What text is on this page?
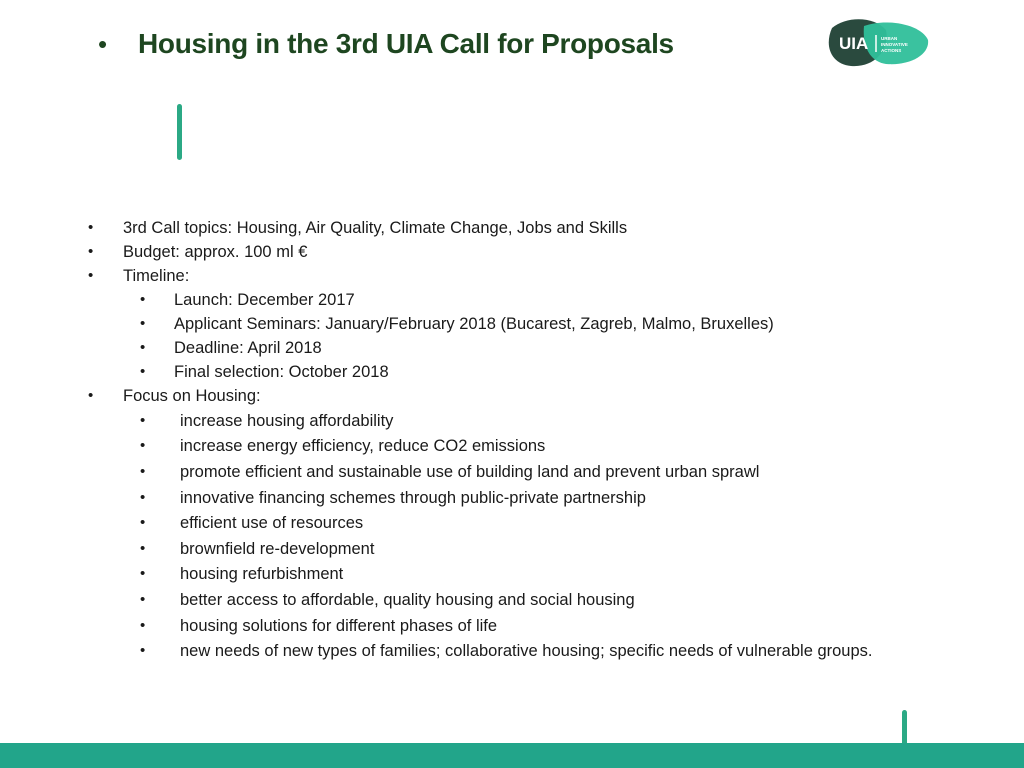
•	Housing in the 3rd UIA Call for Proposals	UIA	URBAN
INNOVATIVE
ACTIONS
•	3rd Call topics: Housing, Air Quality, Climate Change, Jobs and Skills
•	Budget: approx. 100 ml €
•	Timeline:
•	Launch: December 2017
•	Applicant Seminars: January/February 2018 (Bucarest, Zagreb, Malmo, Bruxelles)
•	Deadline: April 2018
•	Final selection: October 2018
•	Focus on Housing:
•	increase housing affordability
•	increase energy efficiency, reduce CO2 emissions
•	promote efficient and sustainable use of building land and prevent urban sprawl
•	innovative financing schemes through public-private partnership
•	efficient use of resources
•	brownfield re-development
•	housing refurbishment
•	better access to affordable, quality housing and social housing
•	housing solutions for different phases of life
•	new needs of new types of families; collaborative housing; specific needs of vulnerable groups.
